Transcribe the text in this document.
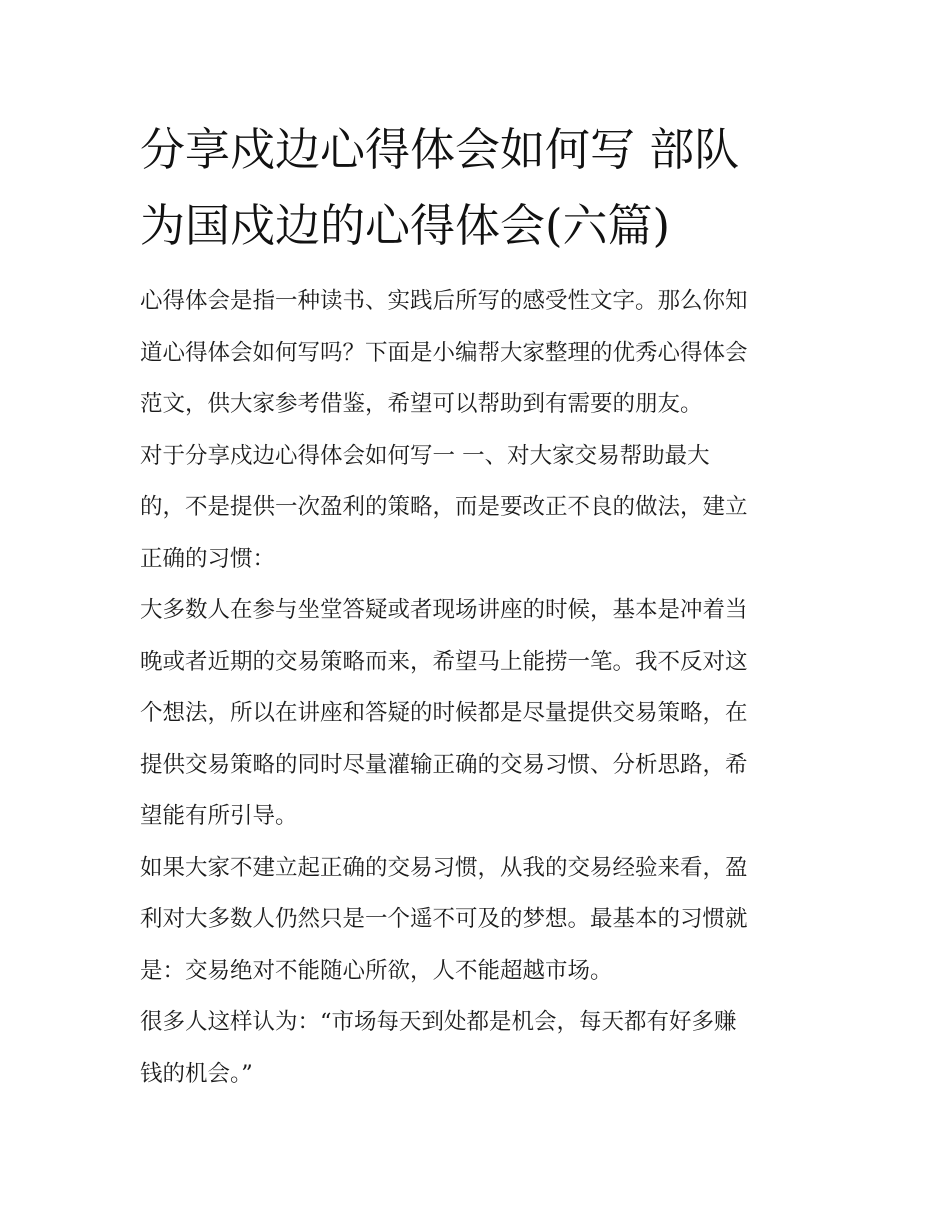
分享戍边心得体会如何写 部队
为国戍边的心得体会(六篇)

心得体会是指一种读书、实践后所写的感受性文字。那么你知
道心得体会如何写吗？下面是小编帮大家整理的优秀心得体会
范文，供大家参考借鉴，希望可以帮助到有需要的朋友。

对于分享戍边心得体会如何写一 一、对大家交易帮助最大
的，不是提供一次盈利的策略，而是要改正不良的做法，建立
正确的习惯：

大多数人在参与坐堂答疑或者现场讲座的时候，基本是冲着当
晚或者近期的交易策略而来，希望马上能捞一笔。我不反对这
个想法，所以在讲座和答疑的时候都是尽量提供交易策略，在
提供交易策略的同时尽量灌输正确的交易习惯、分析思路，希
望能有所引导。

如果大家不建立起正确的交易习惯，从我的交易经验来看，盈
利对大多数人仍然只是一个遥不可及的梦想。最基本的习惯就
是：交易绝对不能随心所欲，人不能超越市场。

很多人这样认为：“市场每天到处都是机会，每天都有好多赚
钱的机会。”
